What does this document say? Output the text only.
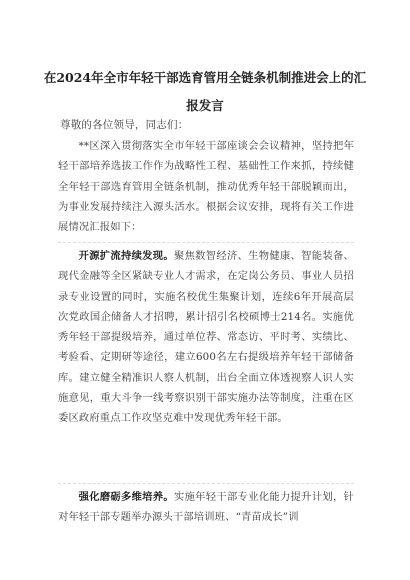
在2024年全市年轻干部选育管用全链条机制推进会上的汇
报发言
尊敬的各位领导，同志们：

**区深入贯彻落实全市年轻干部座谈会会议精神，坚持把年轻干部培养选拔工作作为战略性工程、基础性工作来抓，持续健全年轻干部选育管用全链条机制，推动优秀年轻干部脱颖而出，为事业发展持续注入源头活水。根据会议安排，现将有关工作进展情况汇报如下：

开源扩流持续发现。聚焦数智经济、生物健康、智能装备、现代金融等全区紧缺专业人才需求，在定岗公务员、事业人员招录专业设置的同时，实施名校优生集聚计划，连续6年开展高层次党政国企储备人才招聘，累计招引名校硕博士214名。实施优秀年轻干部提级培养，通过单位荐、常态访、平时考、实绩比、考验看、定期研等途径，建立600名左右提级培养年轻干部储备库。建立健全精准识人察人机制，出台全面立体透视察人识人实施意见，重大斗争一线考察识别干部实施办法等制度，注重在区委区政府重点工作攻坚克难中发现优秀年轻干部。

强化磨砺多维培养。实施年轻干部专业化能力提升计划，针对年轻干部专题举办源头干部培训班、“青苗成长”训
